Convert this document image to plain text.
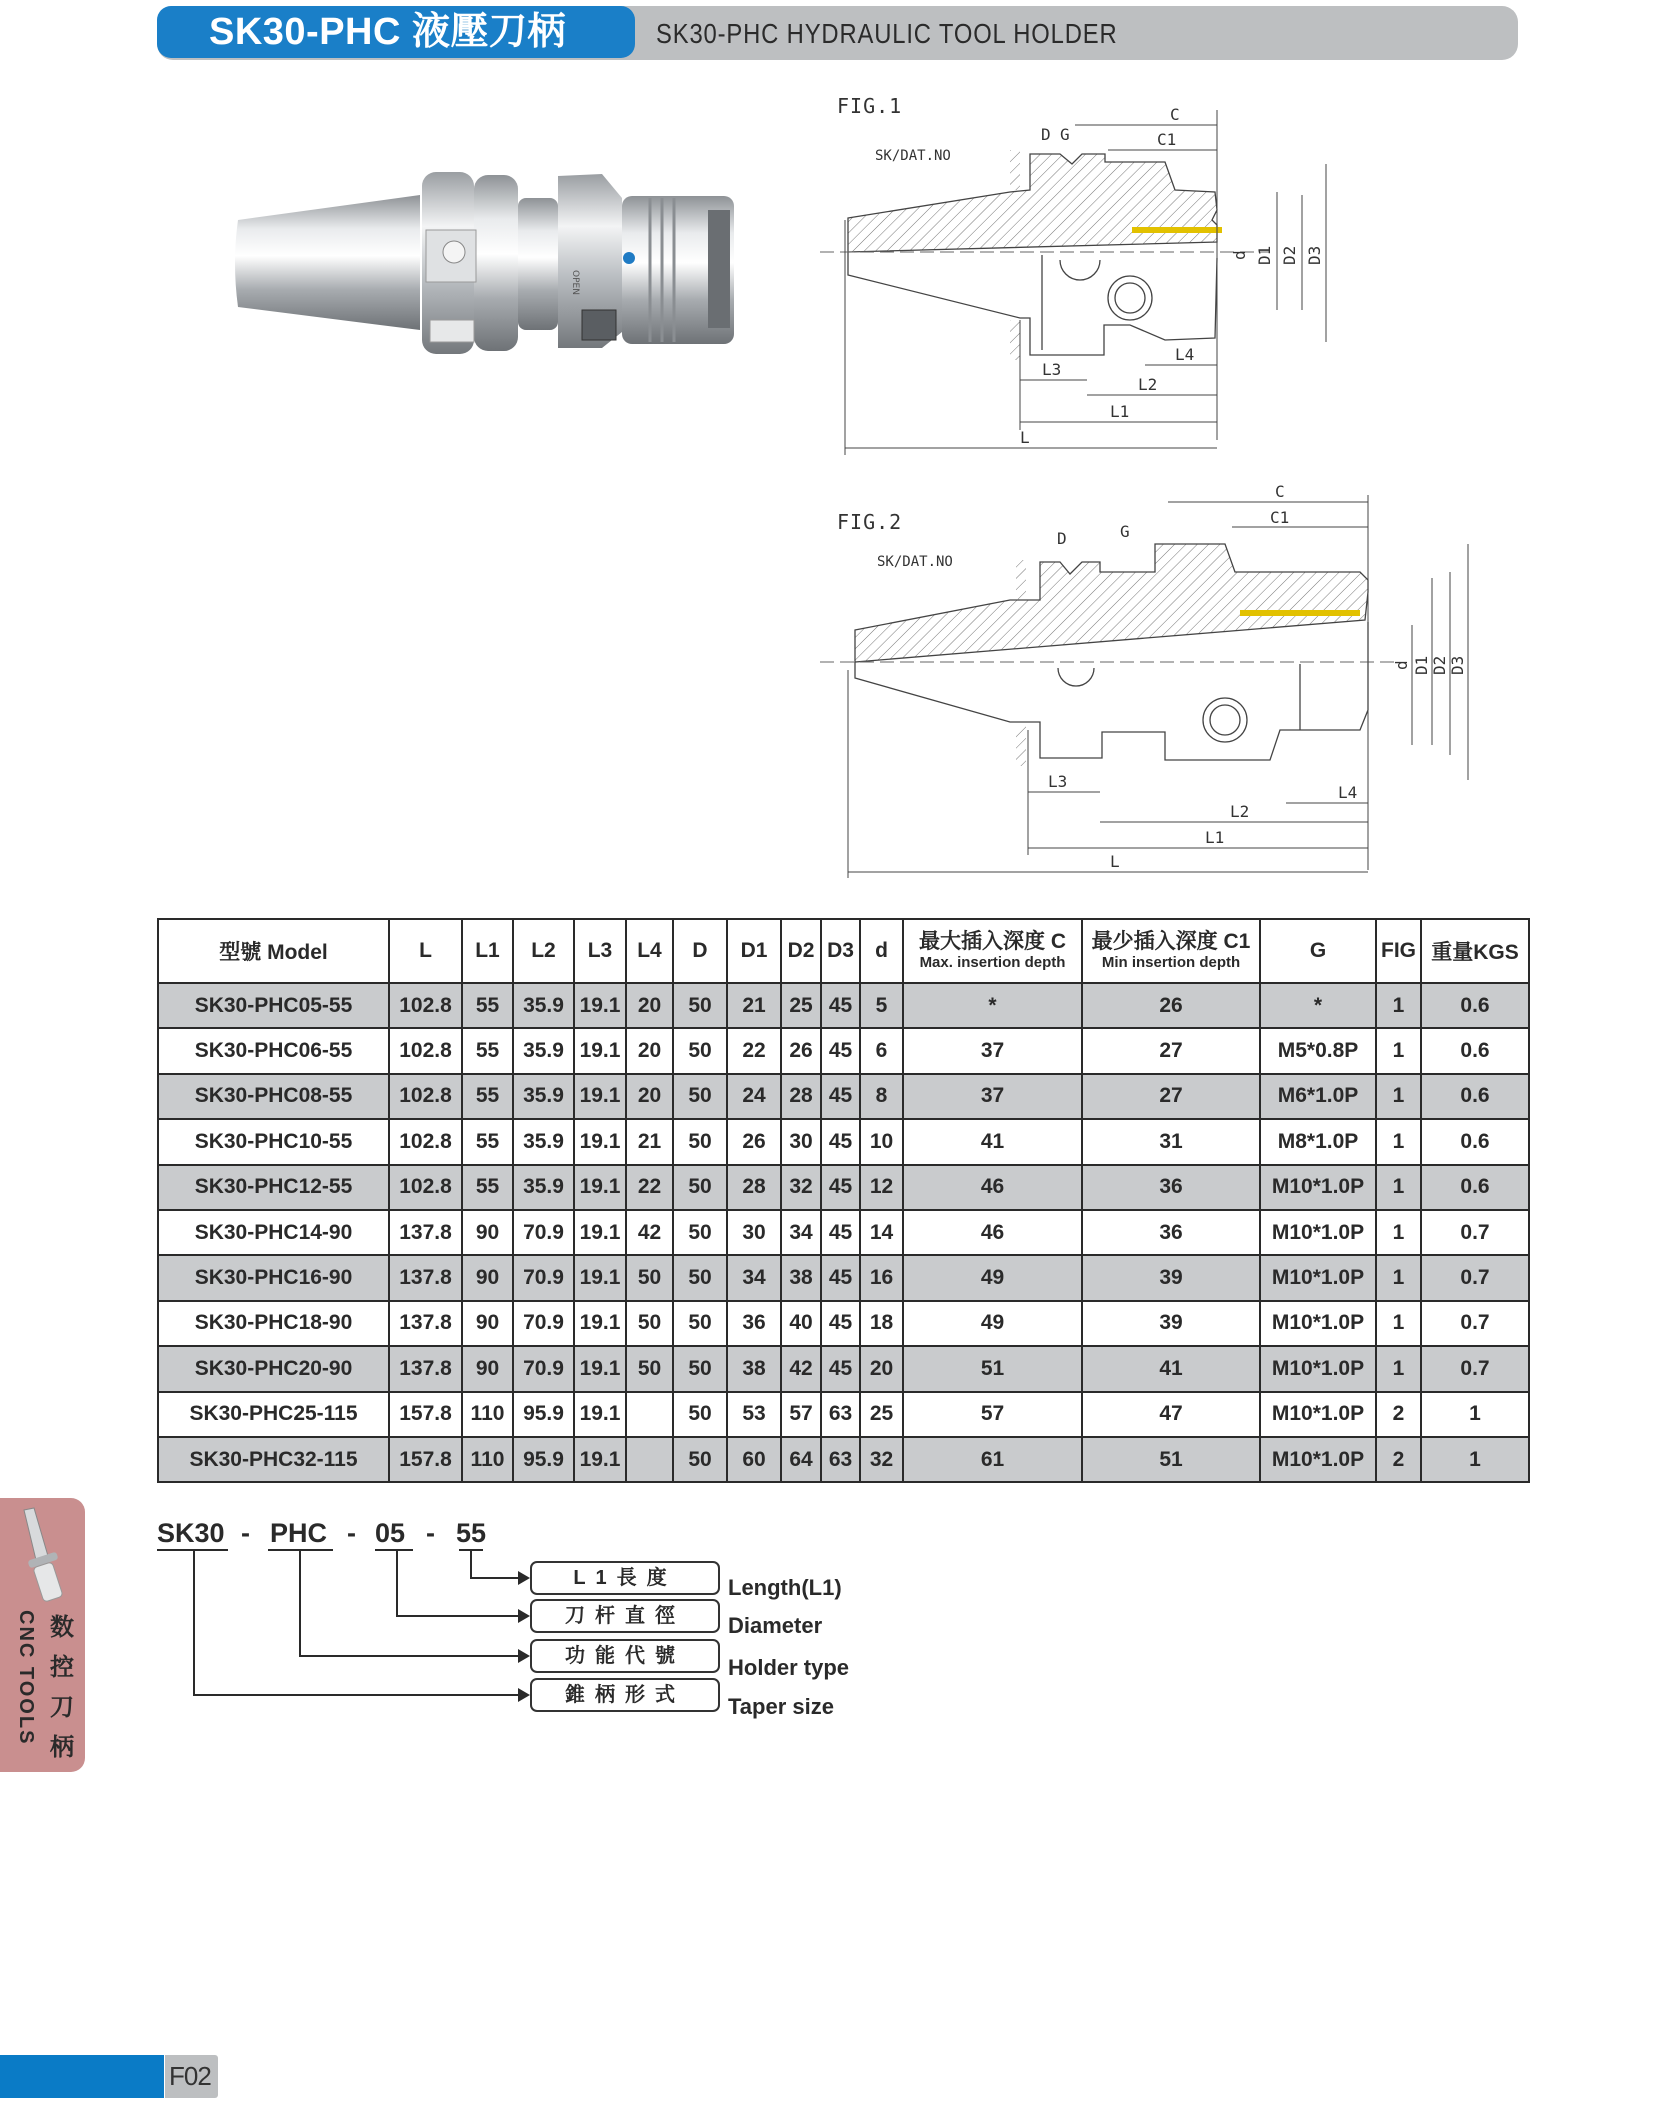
SK30-PHC 液壓刀柄	SK30-PHC HYDRAULIC TOOL HOLDER
OPEN
FIG.1	C
C1
D G
SK/DAT.NO
L4
L3
L2
L1
L
d D1 D2 D3
FIG.2
C
C1
D	G
SK/DAT.NO
L4
L3
L2
L1
L
d D1 D2 D3
型號 Model	L	L1	L2	L3	L4	D	D1	D2	D3	d	最大插入深度 C
Max. insertion depth	最少插入深度 C1
Min insertion depth	G	FIG	重量KGS
SK30-PHC05-55	102.8	55	35.9	19.1	20	50	21	25	45	5	*	26	*	1	0.6
SK30-PHC06-55	102.8	55	35.9	19.1	20	50	22	26	45	6	37	27	M5*0.8P	1	0.6
SK30-PHC08-55	102.8	55	35.9	19.1	20	50	24	28	45	8	37	27	M6*1.0P	1	0.6
SK30-PHC10-55	102.8	55	35.9	19.1	21	50	26	30	45	10	41	31	M8*1.0P	1	0.6
SK30-PHC12-55	102.8	55	35.9	19.1	22	50	28	32	45	12	46	36	M10*1.0P	1	0.6
SK30-PHC14-90	137.8	90	70.9	19.1	42	50	30	34	45	14	46	36	M10*1.0P	1	0.7
SK30-PHC16-90	137.8	90	70.9	19.1	50	50	34	38	45	16	49	39	M10*1.0P	1	0.7
SK30-PHC18-90	137.8	90	70.9	19.1	50	50	36	40	45	18	49	39	M10*1.0P	1	0.7
SK30-PHC20-90	137.8	90	70.9	19.1	50	50	38	42	45	20	51	41	M10*1.0P	1	0.7
SK30-PHC25-115	157.8	110	95.9	19.1		50	53	57	63	25	57	47	M10*1.0P	2	1
SK30-PHC32-115	157.8	110	95.9	19.1		50	60	64	63	32	61	51	M10*1.0P	2	1
SK30 - PHC - 05 - 55
L1長度	Length(L1)
刀杆直徑	Diameter
功能代號	Holder type
錐柄形式	Taper size
数
控
刀
柄
CNC TOOLS
F02
